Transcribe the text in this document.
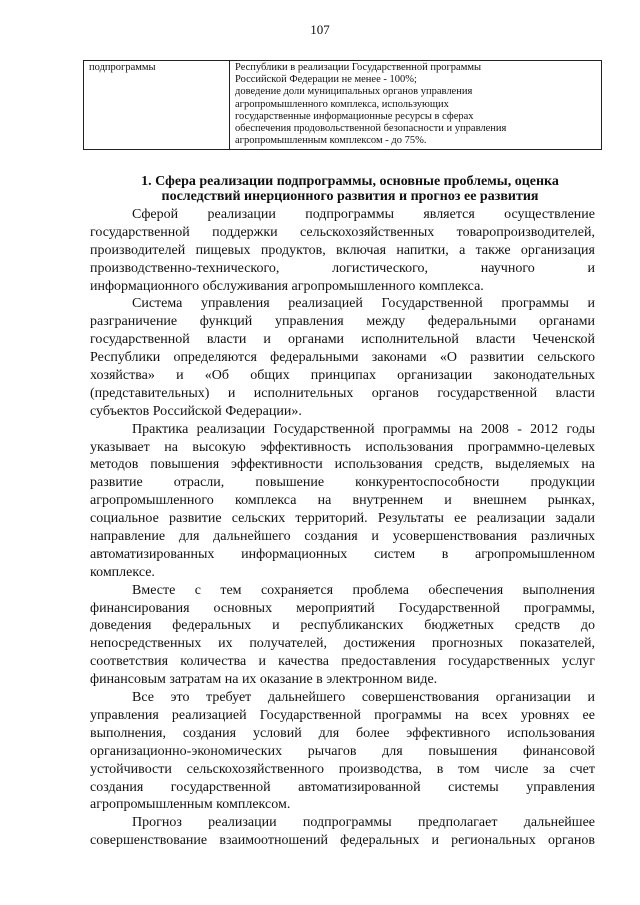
107
подпрограммы	Республики в реализации Государственной программы
Российской Федерации не менее - 100%;
доведение доли муниципальных органов управления
агропромышленного комплекса, использующих
государственные информационные ресурсы в сферах
обеспечения продовольственной безопасности и управления
агропромышленным комплексом - до 75%.
1. Сфера реализации подпрограммы, основные проблемы, оценка
последствий инерционного развития и прогноз ее развития
Сферой реализации подпрограммы является осуществление
государственной поддержки сельскохозяйственных товаропроизводителей,
производителей пищевых продуктов, включая напитки, а также организация
производственно-технического, логистического, научного и
информационного обслуживания агропромышленного комплекса.
Система управления реализацией Государственной программы и
разграничение функций управления между федеральными органами
государственной власти и органами исполнительной власти Чеченской
Республики определяются федеральными законами «О развитии сельского
хозяйства» и «Об общих принципах организации законодательных
(представительных) и исполнительных органов государственной власти
субъектов Российской Федерации».
Практика реализации Государственной программы на 2008 - 2012 годы
указывает на высокую эффективность использования программно-целевых
методов повышения эффективности использования средств, выделяемых на
развитие отрасли, повышение конкурентоспособности продукции
агропромышленного комплекса на внутреннем и внешнем рынках,
социальное развитие сельских территорий. Результаты ее реализации задали
направление для дальнейшего создания и усовершенствования различных
автоматизированных информационных систем в агропромышленном
комплексе.
Вместе с тем сохраняется проблема обеспечения выполнения
финансирования основных мероприятий Государственной программы,
доведения федеральных и республиканских бюджетных средств до
непосредственных их получателей, достижения прогнозных показателей,
соответствия количества и качества предоставления государственных услуг
финансовым затратам на их оказание в электронном виде.
Все это требует дальнейшего совершенствования организации и
управления реализацией Государственной программы на всех уровнях ее
выполнения, создания условий для более эффективного использования
организационно-экономических рычагов для повышения финансовой
устойчивости сельскохозяйственного производства, в том числе за счет
создания государственной автоматизированной системы управления
агропромышленным комплексом.
Прогноз реализации подпрограммы предполагает дальнейшее
совершенствование взаимоотношений федеральных и региональных органов
